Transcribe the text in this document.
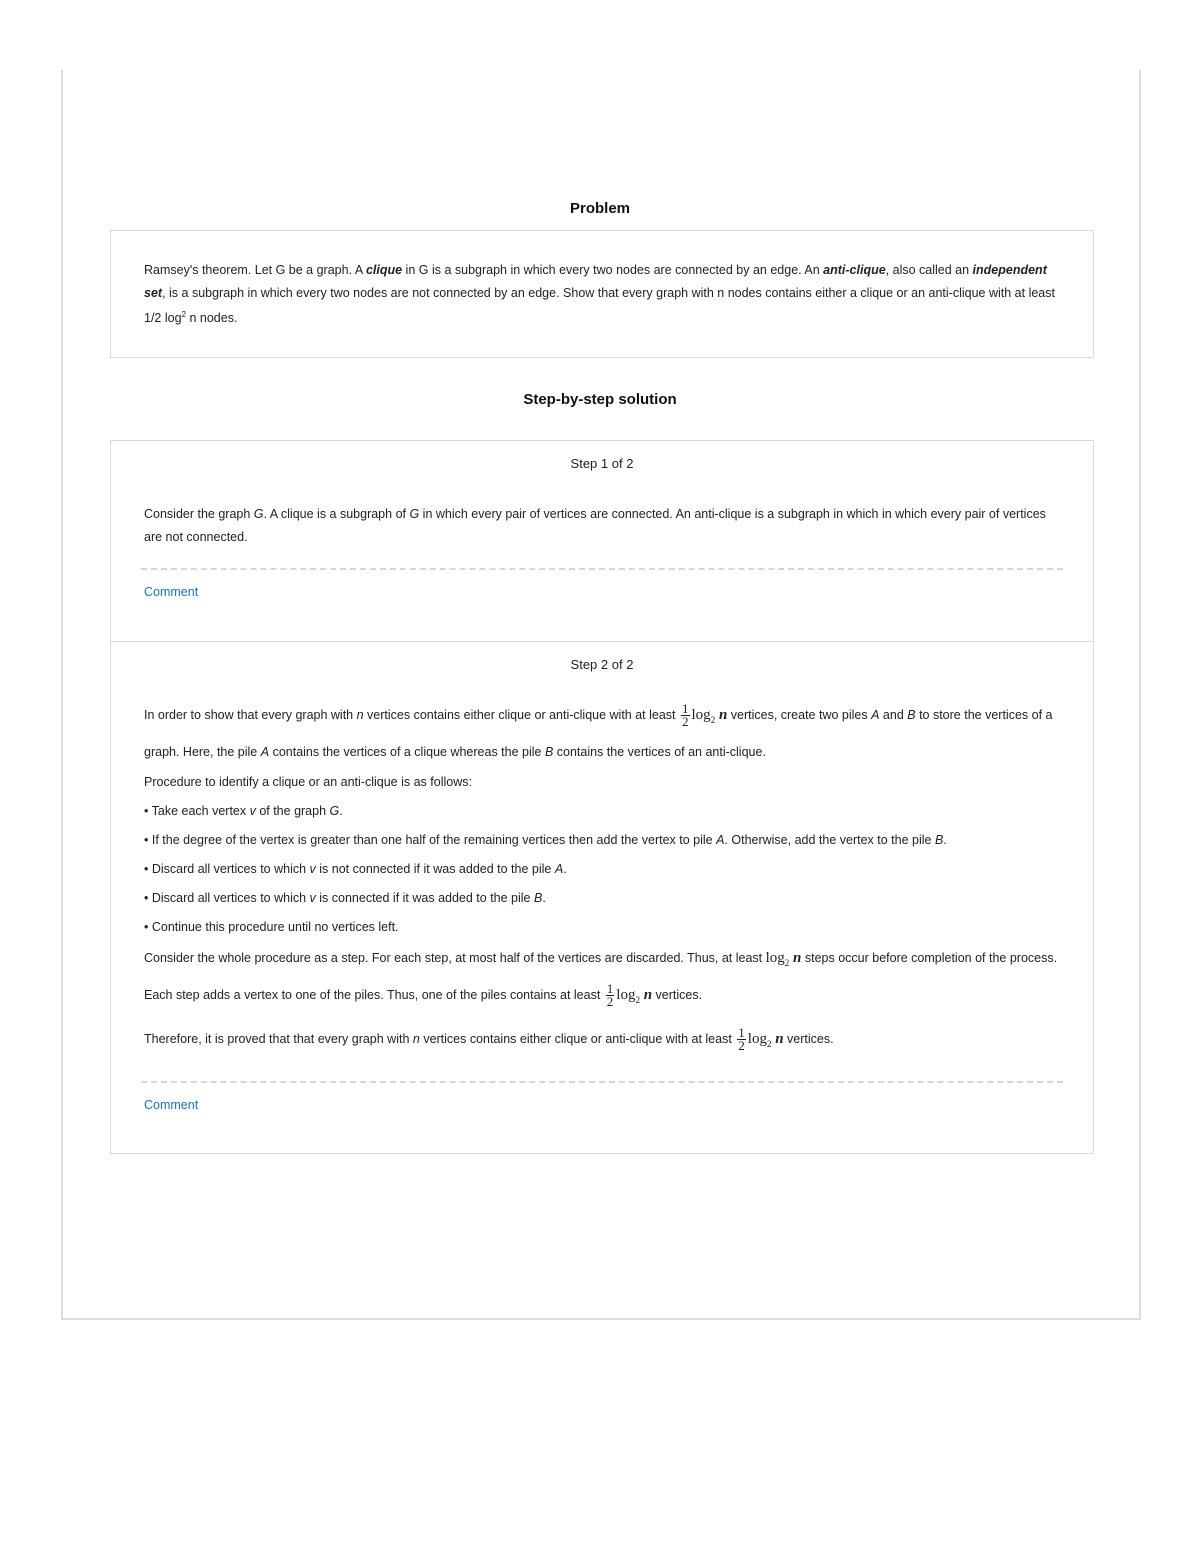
Problem
Ramsey's theorem. Let G be a graph. A clique in G is a subgraph in which every two nodes are connected by an edge. An anti-clique, also called an independent set, is a subgraph in which every two nodes are not connected by an edge. Show that every graph with n nodes contains either a clique or an anti-clique with at least 1/2 $\log^2 n$ nodes.
Step-by-step solution
Step 1 of 2

Consider the graph G. A clique is a subgraph of G in which every pair of vertices are connected. An anti-clique is a subgraph in which in which every pair of vertices are not connected.

Comment
Step 2 of 2

In order to show that every graph with n vertices contains either clique or anti-clique with at least $\frac{1}{2} \log_2 n$ vertices, create two piles A and B to store the vertices of a graph. Here, the pile A contains the vertices of a clique whereas the pile B contains the vertices of an anti-clique.

Procedure to identify a clique or an anti-clique is as follows:

• Take each vertex v of the graph G.

• If the degree of the vertex is greater than one half of the remaining vertices then add the vertex to pile A. Otherwise, add the vertex to the pile B.

• Discard all vertices to which v is not connected if it was added to the pile A.

• Discard all vertices to which v is connected if it was added to the pile B.

• Continue this procedure until no vertices left.

Consider the whole procedure as a step. For each step, at most half of the vertices are discarded. Thus, at least $\log_2 n$ steps occur before completion of the process. Each step adds a vertex to one of the piles. Thus, one of the piles contains at least $\frac{1}{2} \log_2 n$ vertices.

Therefore, it is proved that that every graph with n vertices contains either clique or anti-clique with at least $\frac{1}{2} \log_2 n$ vertices.

Comment
